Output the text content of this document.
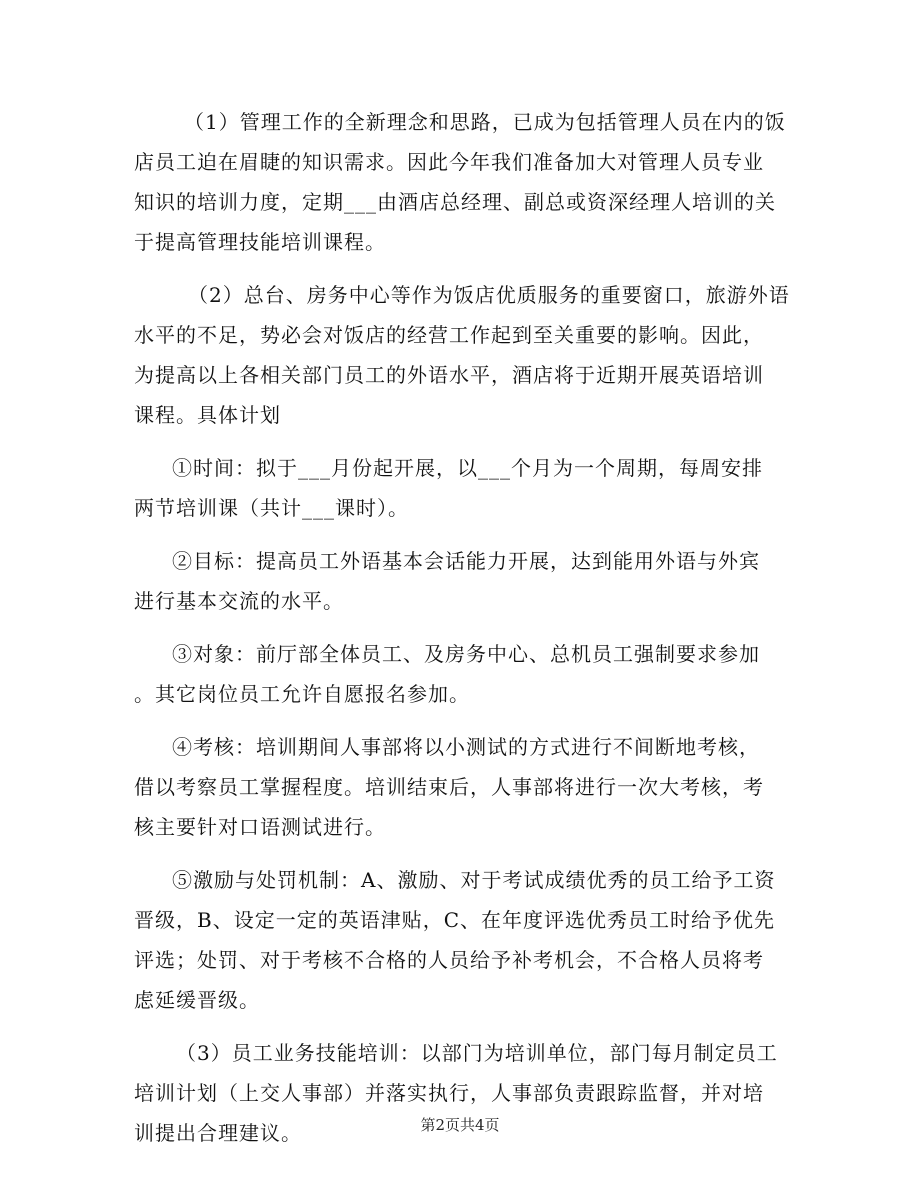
（1）管理工作的全新理念和思路，已成为包括管理人员在内的饭
店员工迫在眉睫的知识需求。因此今年我们准备加大对管理人员专业
知识的培训力度，定期___由酒店总经理、副总或资深经理人培训的关
于提高管理技能培训课程。

（2）总台、房务中心等作为饭店优质服务的重要窗口，旅游外语
水平的不足，势必会对饭店的经营工作起到至关重要的影响。因此，
为提高以上各相关部门员工的外语水平，酒店将于近期开展英语培训
课程。具体计划

①时间：拟于___月份起开展，以___个月为一个周期，每周安排
两节培训课（共计___课时）。

②目标：提高员工外语基本会话能力开展，达到能用外语与外宾
进行基本交流的水平。

③对象：前厅部全体员工、及房务中心、总机员工强制要求参加
。其它岗位员工允许自愿报名参加。

④考核：培训期间人事部将以小测试的方式进行不间断地考核，
借以考察员工掌握程度。培训结束后，人事部将进行一次大考核，考
核主要针对口语测试进行。

⑤激励与处罚机制：A、激励、对于考试成绩优秀的员工给予工资
晋级，B、设定一定的英语津贴，C、在年度评选优秀员工时给予优先
评选；处罚、对于考核不合格的人员给予补考机会，不合格人员将考
虑延缓晋级。

（3）员工业务技能培训：以部门为培训单位，部门每月制定员工
培训计划（上交人事部）并落实执行，人事部负责跟踪监督，并对培
训提出合理建议。	第2页共4页
